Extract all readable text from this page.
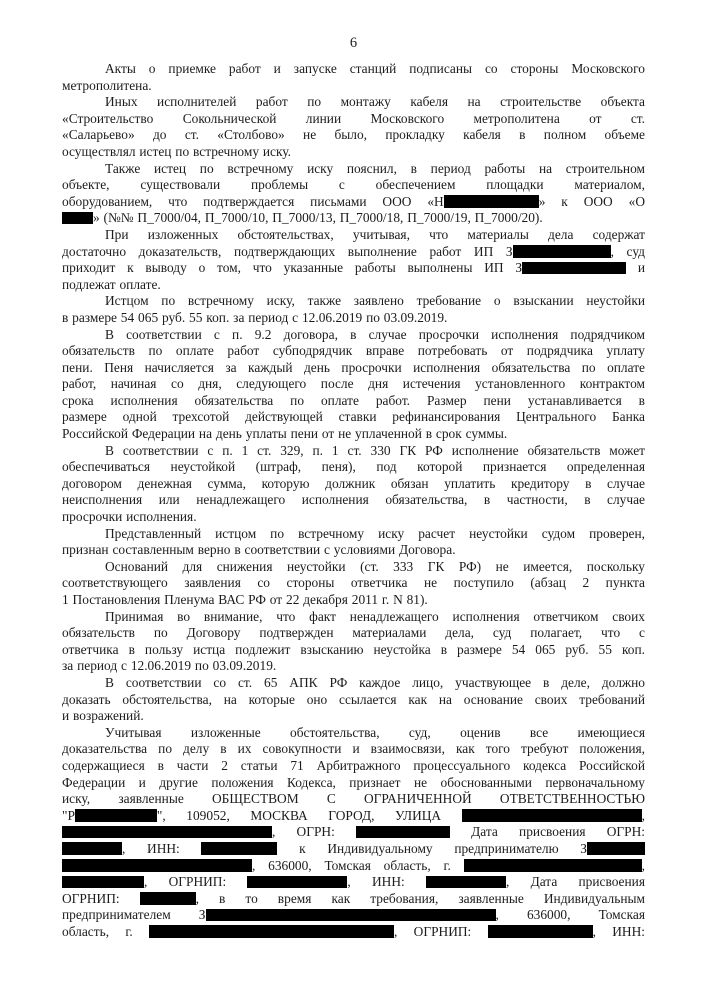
6
Акты о приемке работ и запуске станций подписаны со стороны Московского
метрополитена.
Иных исполнителей работ по монтажу кабеля на строительстве объекта
«Строительство Сокольнической линии Московского метрополитена от ст.
«Саларьево» до ст. «Столбово» не было, прокладку кабеля в полном объеме
осуществлял истец по встречному иску.
Также истец по встречному иску пояснил, в период работы на строительном
объекте, существовали проблемы с обеспечением площадки материалом,
оборудованием, что подтверждается письмами ООО «Н	» к ООО «О
» (№№ П_7000/04, П_7000/10, П_7000/13, П_7000/18, П_7000/19, П_7000/20).
При изложенных обстоятельствах, учитывая, что материалы дела содержат
достаточно доказательств, подтверждающих выполнение работ ИП З	, суд
приходит к выводу о том, что указанные работы выполнены ИП З	и
подлежат оплате.
Истцом по встречному иску, также заявлено требование о взыскании неустойки
в размере 54 065 руб. 55 коп. за период с 12.06.2019 по 03.09.2019.
В соответствии с п. 9.2 договора, в случае просрочки исполнения подрядчиком
обязательств по оплате работ субподрядчик вправе потребовать от подрядчика уплату
пени. Пеня начисляется за каждый день просрочки исполнения обязательства по оплате
работ, начиная со дня, следующего после дня истечения установленного контрактом
срока исполнения обязательства по оплате работ. Размер пени устанавливается в
размере одной трехсотой действующей ставки рефинансирования Центрального Банка
Российской Федерации на день уплаты пени от не уплаченной в срок суммы.
В соответствии с п. 1 ст. 329, п. 1 ст. 330 ГК РФ исполнение обязательств может
обеспечиваться неустойкой (штраф, пеня), под которой признается определенная
договором денежная сумма, которую должник обязан уплатить кредитору в случае
неисполнения или ненадлежащего исполнения обязательства, в частности, в случае
просрочки исполнения.
Представленный истцом по встречному иску расчет неустойки судом проверен,
признан составленным верно в соответствии с условиями Договора.
Оснований для снижения неустойки (ст. 333 ГК РФ) не имеется, поскольку
соответствующего заявления со стороны ответчика не поступило (абзац 2 пункта
1 Постановления Пленума ВАС РФ от 22 декабря 2011 г. N 81).
Принимая во внимание, что факт ненадлежащего исполнения ответчиком своих
обязательств по Договору подтвержден материалами дела, суд полагает, что с
ответчика в пользу истца подлежит взысканию неустойка в размере 54 065 руб. 55 коп.
за период с 12.06.2019 по 03.09.2019.
В соответствии со ст. 65 АПК РФ каждое лицо, участвующее в деле, должно
доказать обстоятельства, на которые оно ссылается как на основание своих требований
и возражений.
Учитывая изложенные обстоятельства, суд, оценив все имеющиеся
доказательства по делу в их совокупности и взаимосвязи, как того требуют положения,
содержащиеся в части 2 статьи 71 Арбитражного процессуального кодекса Российской
Федерации и другие положения Кодекса, признает не обоснованными первоначальному
иску, заявленные ОБЩЕСТВОМ С ОГРАНИЧЕННОЙ ОТВЕТСТВЕННОСТЬЮ
"Р	", 109052, МОСКВА ГОРОД, УЛИЦА	,
, ОГРН:	Дата присвоения ОГРН:
, ИНН:	к Индивидуальному предпринимателю З
, 636000, Томская область, г.	,
, ОГРНИП:	, ИНН:	, Дата присвоения
ОГРНИП:	, в то время как требования, заявленные Индивидуальным
предпринимателем З	, 636000, Томская
область, г.	, ОГРНИП:	, ИНН:
